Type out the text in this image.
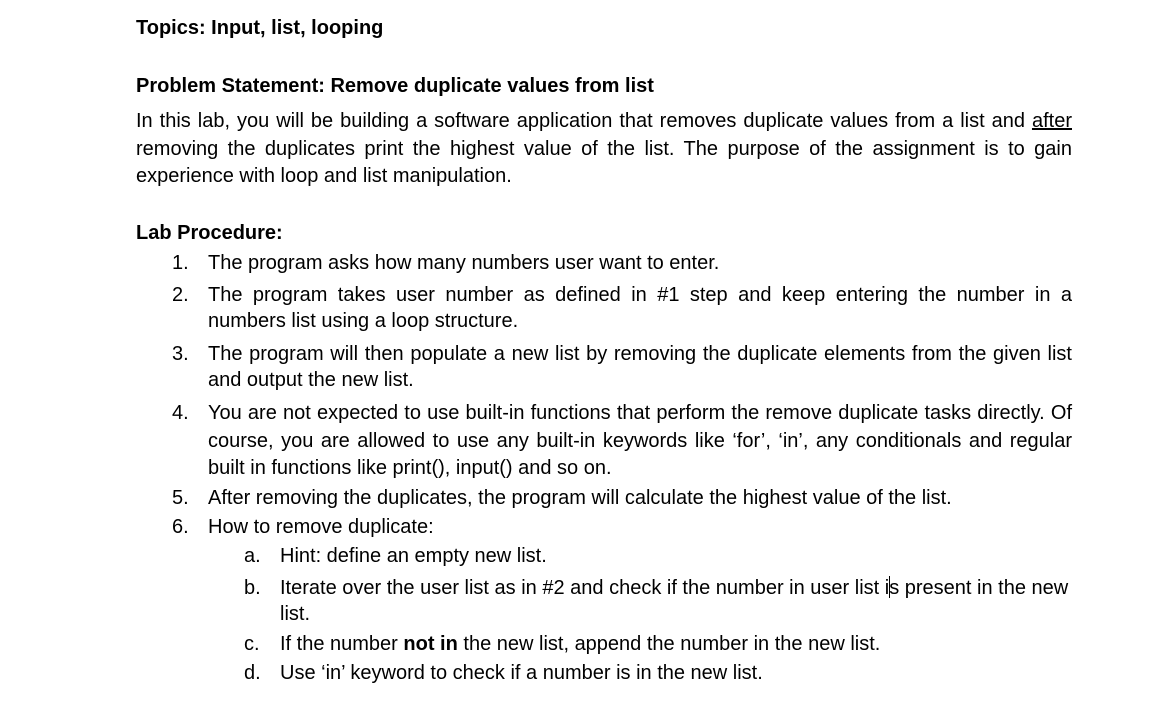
Topics: Input, list, looping
Problem Statement: Remove duplicate values from list
In this lab, you will be building a software application that removes duplicate values from a list and after removing the duplicates print the highest value of the list. The purpose of the assignment is to gain experience with loop and list manipulation.
Lab Procedure:
1. The program asks how many numbers user want to enter.
2. The program takes user number as defined in #1 step and keep entering the number in a numbers list using a loop structure.
3. The program will then populate a new list by removing the duplicate elements from the given list and output the new list.
4. You are not expected to use built-in functions that perform the remove duplicate tasks directly. Of course, you are allowed to use any built-in keywords like ‘for’, ‘in’, any conditionals and regular built in functions like print(), input() and so on.
5. After removing the duplicates, the program will calculate the highest value of the list.
6. How to remove duplicate:
a. Hint: define an empty new list.
b. Iterate over the user list as in #2 and check if the number in user list is present in the new list.
c. If the number not in the new list, append the number in the new list.
d. Use ‘in’ keyword to check if a number is in the new list.
